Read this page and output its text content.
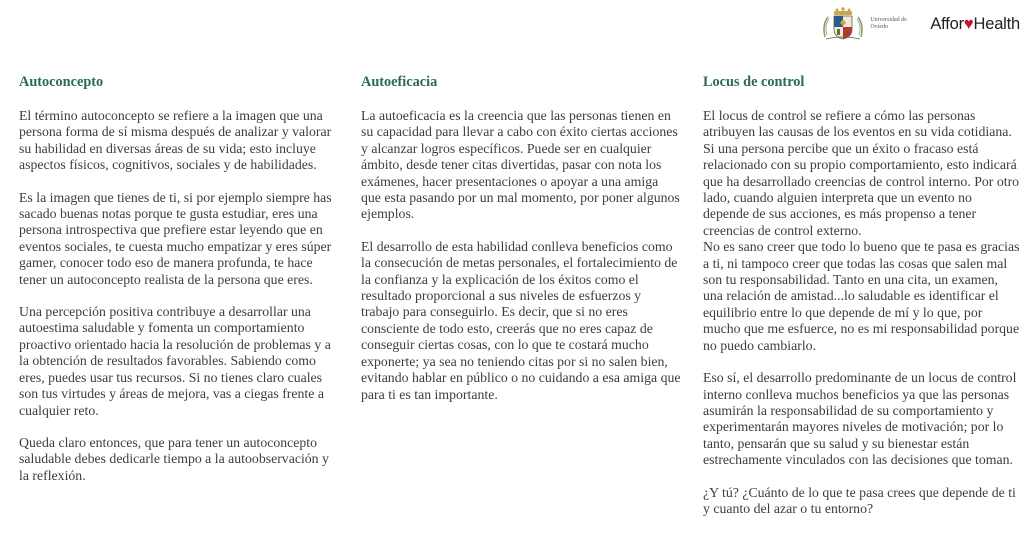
Universidad de Oviedo	Affor♥Health
Autoconcepto

El término autoconcepto se refiere a la imagen que una persona forma de sí misma después de analizar y valorar su habilidad en diversas áreas de su vida; esto incluye aspectos físicos, cognitivos, sociales y de habilidades.

Es la imagen que tienes de ti, si por ejemplo siempre has sacado buenas notas porque te gusta estudiar, eres una persona introspectiva que prefiere estar leyendo que en eventos sociales, te cuesta mucho empatizar y eres súper gamer, conocer todo eso de manera profunda, te hace tener un autoconcepto realista de la persona que eres.

Una percepción positiva contribuye a desarrollar una autoestima saludable y fomenta un comportamiento proactivo orientado hacia la resolución de problemas y a la obtención de resultados favorables. Sabiendo como eres, puedes usar tus recursos. Si no tienes claro cuales son tus virtudes y áreas de mejora, vas a ciegas frente a cualquier reto.

Queda claro entonces, que para tener un autoconcepto saludable debes dedicarle tiempo a la autoobservación y la reflexión.

Autoeficacia

La autoeficacia es la creencia que las personas tienen en su capacidad para llevar a cabo con éxito ciertas acciones y alcanzar logros específicos. Puede ser en cualquier ámbito, desde tener citas divertidas, pasar con nota los exámenes, hacer presentaciones o apoyar a una amiga que esta pasando por un mal momento, por poner algunos ejemplos.

El desarrollo de esta habilidad conlleva beneficios como la consecución de metas personales, el fortalecimiento de la confianza y la explicación de los éxitos como el resultado proporcional a sus niveles de esfuerzos y trabajo para conseguirlo. Es decir, que si no eres consciente de todo esto, creerás que no eres capaz de conseguir ciertas cosas, con lo que te costará mucho exponerte; ya sea no teniendo citas por si no salen bien, evitando hablar en público o no cuidando a esa amiga que para ti es tan importante.

Locus de control

El locus de control se refiere a cómo las personas atribuyen las causas de los eventos en su vida cotidiana. Si una persona percibe que un éxito o fracaso está relacionado con su propio comportamiento, esto indicará que ha desarrollado creencias de control interno. Por otro lado, cuando alguien interpreta que un evento no depende de sus acciones, es más propenso a tener creencias de control externo.

No es sano creer que todo lo bueno que te pasa es gracias a ti, ni tampoco creer que todas las cosas que salen mal son tu responsabilidad. Tanto en una cita, un examen, una relación de amistad...lo saludable es identificar el equilibrio entre lo que depende de mí y lo que, por mucho que me esfuerce, no es mi responsabilidad porque no puedo cambiarlo.

Eso sí, el desarrollo predominante de un locus de control interno conlleva muchos beneficios ya que las personas asumirán la responsabilidad de su comportamiento y experimentarán mayores niveles de motivación; por lo tanto, pensarán que su salud y su bienestar están estrechamente vinculados con las decisiones que toman.

¿Y tú? ¿Cuánto de lo que te pasa crees que depende de ti y cuanto del azar o tu entorno?
